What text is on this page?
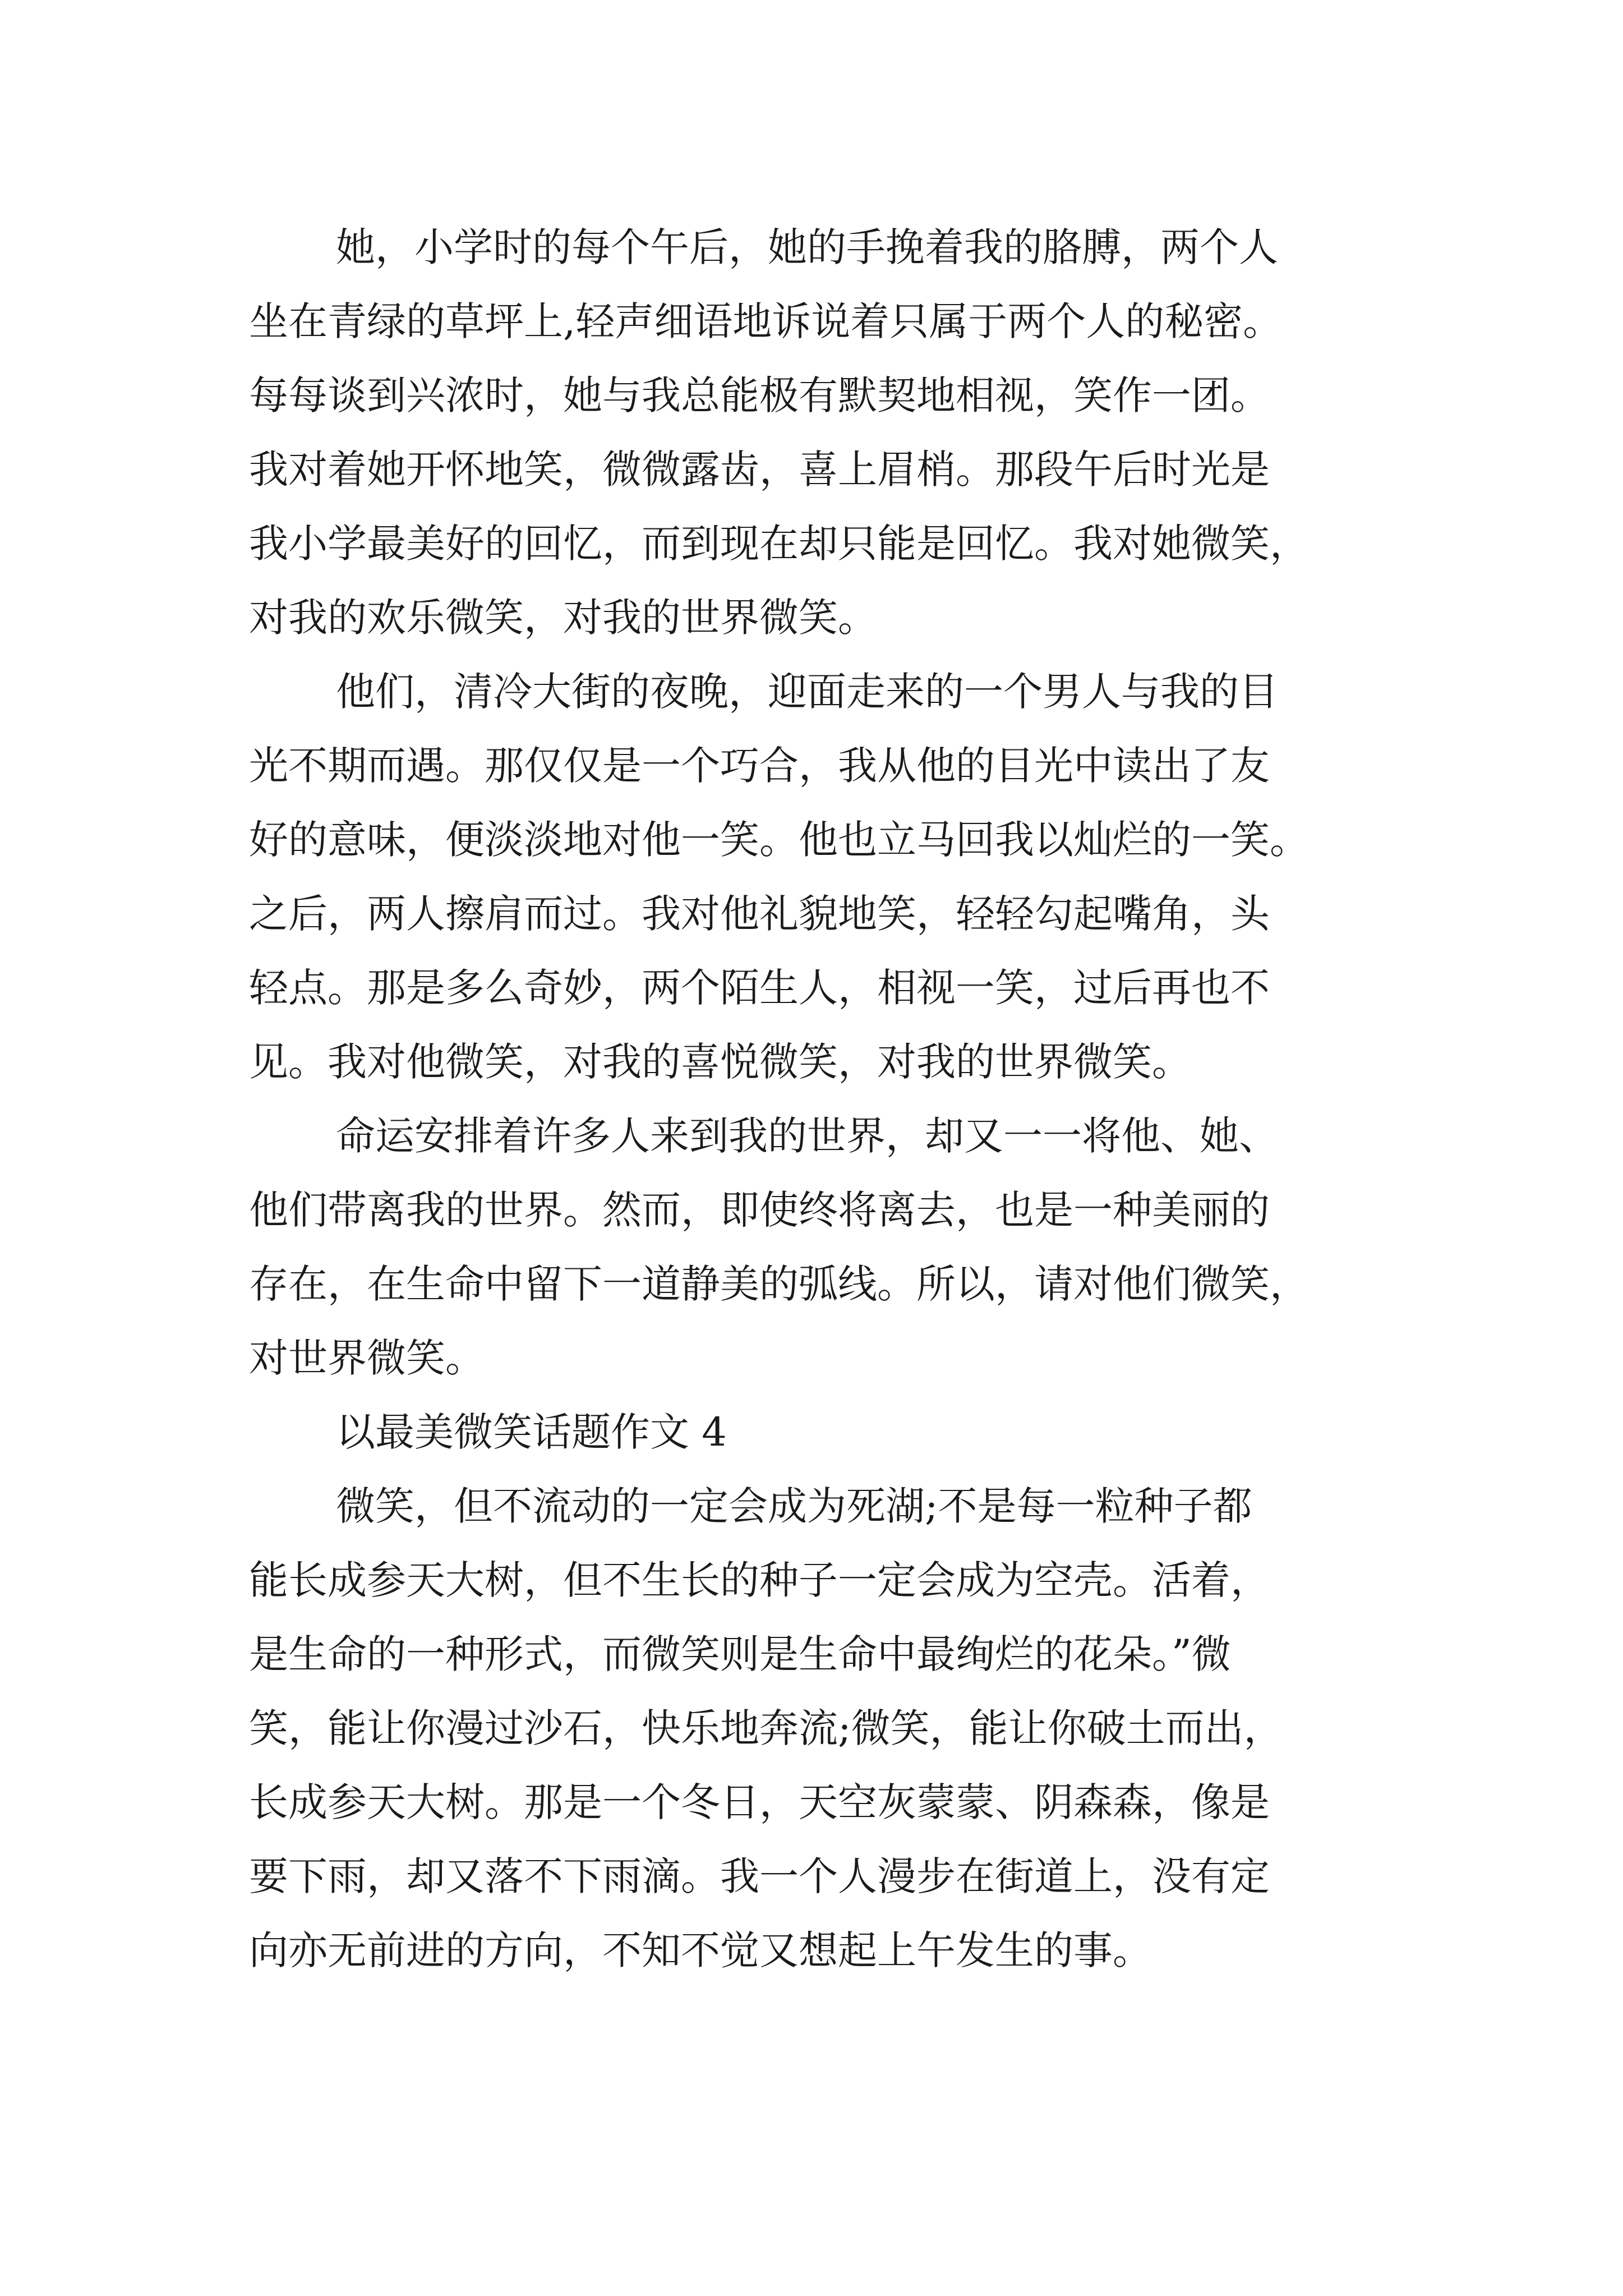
她，小学时的每个午后，她的手挽着我的胳膊，两个人
坐在青绿的草坪上,轻声细语地诉说着只属于两个人的秘密。
每每谈到兴浓时，她与我总能极有默契地相视，笑作一团。
我对着她开怀地笑，微微露齿，喜上眉梢。那段午后时光是
我小学最美好的回忆，而到现在却只能是回忆。我对她微笑，
对我的欢乐微笑，对我的世界微笑。
他们，清冷大街的夜晚，迎面走来的一个男人与我的目
光不期而遇。那仅仅是一个巧合，我从他的目光中读出了友
好的意味，便淡淡地对他一笑。他也立马回我以灿烂的一笑。
之后，两人擦肩而过。我对他礼貌地笑，轻轻勾起嘴角，头
轻点。那是多么奇妙，两个陌生人，相视一笑，过后再也不
见。我对他微笑，对我的喜悦微笑，对我的世界微笑。
命运安排着许多人来到我的世界，却又一一将他、她、
他们带离我的世界。然而，即使终将离去，也是一种美丽的
存在，在生命中留下一道静美的弧线。所以，请对他们微笑，
对世界微笑。
以最美微笑话题作文 4
微笑，但不流动的一定会成为死湖;不是每一粒种子都
能长成参天大树，但不生长的种子一定会成为空壳。活着，
是生命的一种形式，而微笑则是生命中最绚烂的花朵。”微
笑，能让你漫过沙石，快乐地奔流;微笑，能让你破土而出，
长成参天大树。那是一个冬日，天空灰蒙蒙、阴森森，像是
要下雨，却又落不下雨滴。我一个人漫步在街道上，没有定
向亦无前进的方向，不知不觉又想起上午发生的事。
